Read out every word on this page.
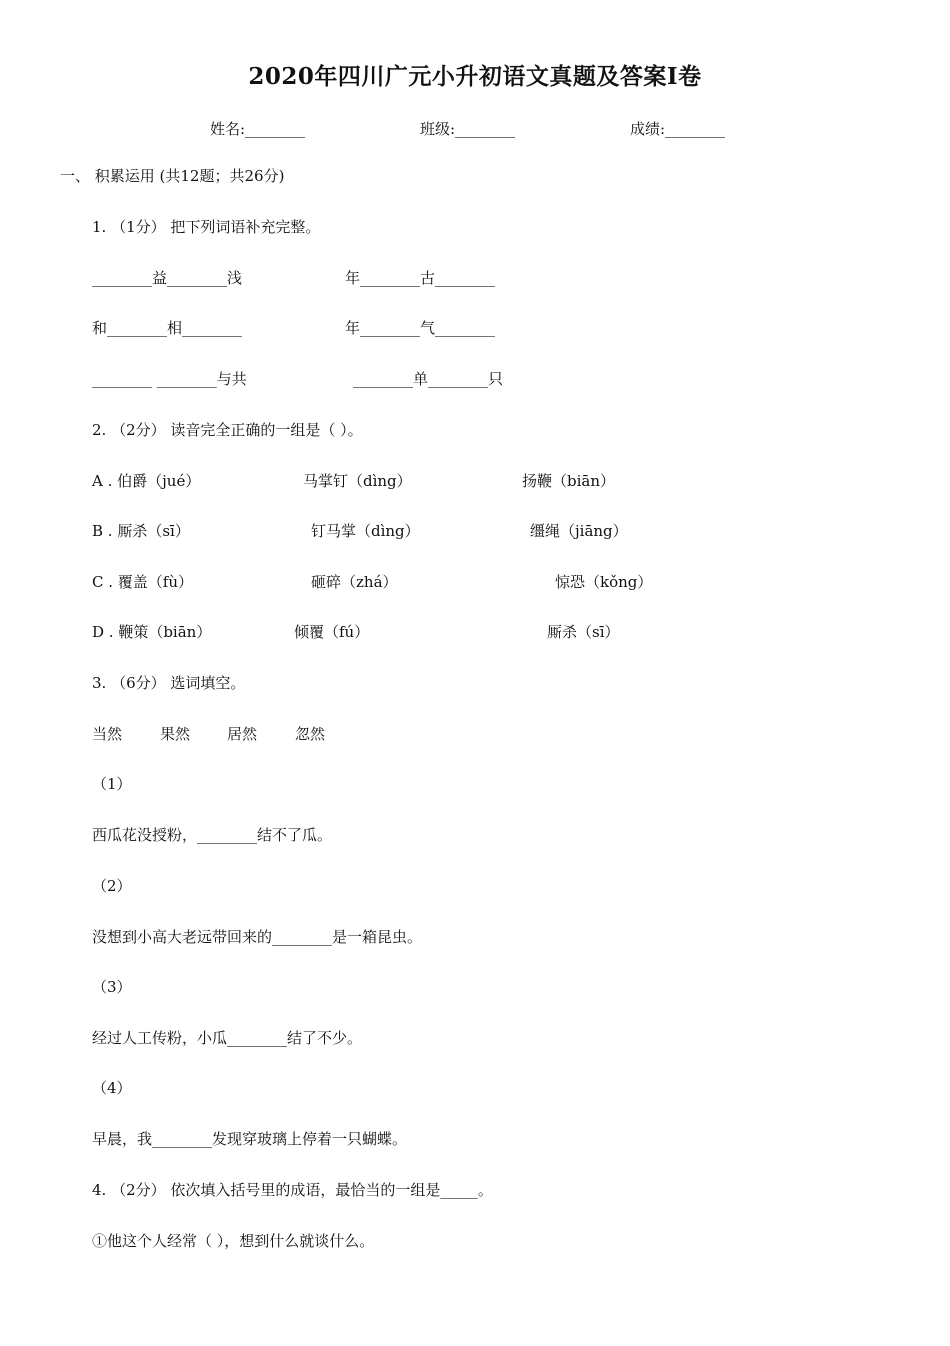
2020年四川广元小升初语文真题及答案I卷
姓名:________	班级:________	成绩:________
一、 积累运用 (共12题；共26分)
1. （1分） 把下列词语补充完整。
________益________浅	年________古________
和________相________	年________气________
________ ________与共	________单________只
2. （2分） 读音完全正确的一组是（ ）。
A . 伯爵（jué）	马掌钉（dìng）	扬鞭（biān）
B . 厮杀（sī）	钉马掌（dìng）	缰绳（jiāng）
C . 覆盖（fù）	砸碎（zhá）	惊恐（kǒng）
D . 鞭策（biān）	倾覆（fú）	厮杀（sī）
3. （6分） 选词填空。
当然	果然 居然	忽然
（1）
西瓜花没授粉，________结不了瓜。
（2）
没想到小高大老远带回来的________是一箱昆虫。
（3）
经过人工传粉，小瓜________结了不少。
（4）
早晨，我________发现穿玻璃上停着一只蝴蝶。
4. （2分） 依次填入括号里的成语，最恰当的一组是_____。
①他这个人经常（ ），想到什么就谈什么。
